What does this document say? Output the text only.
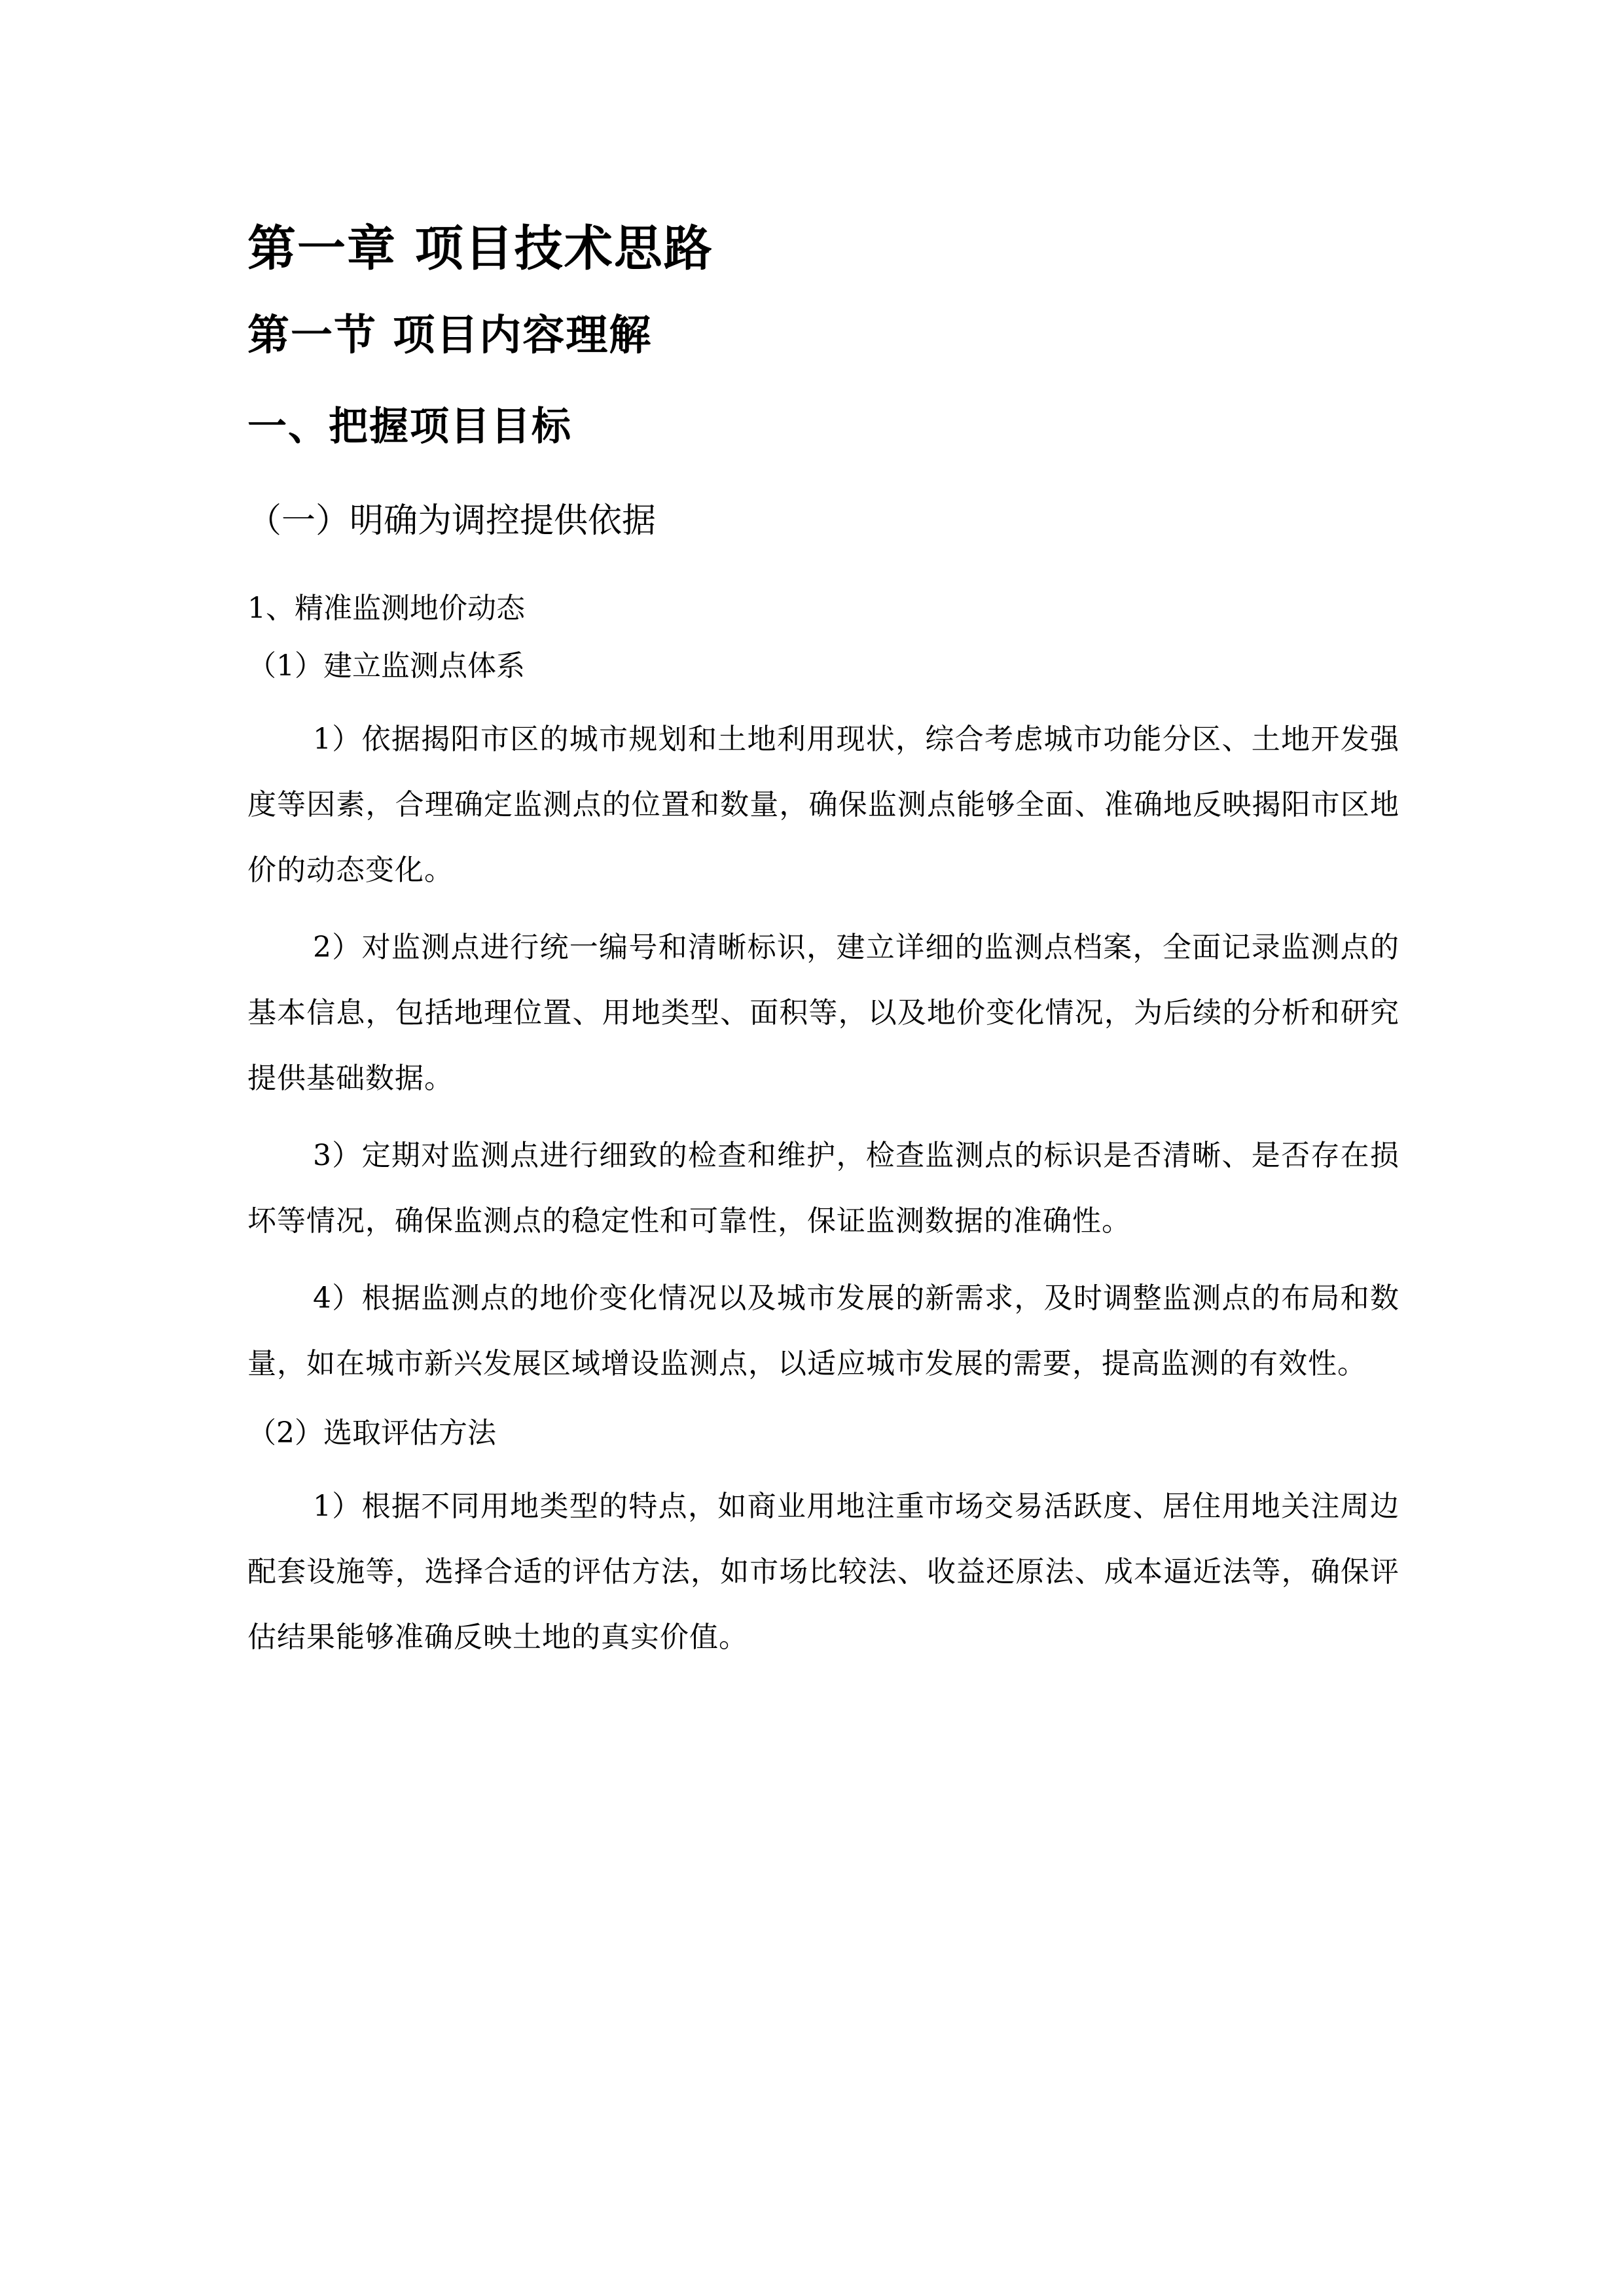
第一章 项目技术思路
第一节 项目内容理解
一、把握项目目标
（一）明确为调控提供依据
1、精准监测地价动态
（1）建立监测点体系

1）依据揭阳市区的城市规划和土地利用现状，综合考虑城市功能分区、土地开发强度等因素，合理确定监测点的位置和数量，确保监测点能够全面、准确地反映揭阳市区地价的动态变化。

2）对监测点进行统一编号和清晰标识，建立详细的监测点档案，全面记录监测点的基本信息，包括地理位置、用地类型、面积等，以及地价变化情况，为后续的分析和研究提供基础数据。

3）定期对监测点进行细致的检查和维护，检查监测点的标识是否清晰、是否存在损坏等情况，确保监测点的稳定性和可靠性，保证监测数据的准确性。

4）根据监测点的地价变化情况以及城市发展的新需求，及时调整监测点的布局和数量，如在城市新兴发展区域增设监测点，以适应城市发展的需要，提高监测的有效性。

（2）选取评估方法

1）根据不同用地类型的特点，如商业用地注重市场交易活跃度、居住用地关注周边配套设施等，选择合适的评估方法，如市场比较法、收益还原法、成本逼近法等，确保评估结果能够准确反映土地的真实价值。
